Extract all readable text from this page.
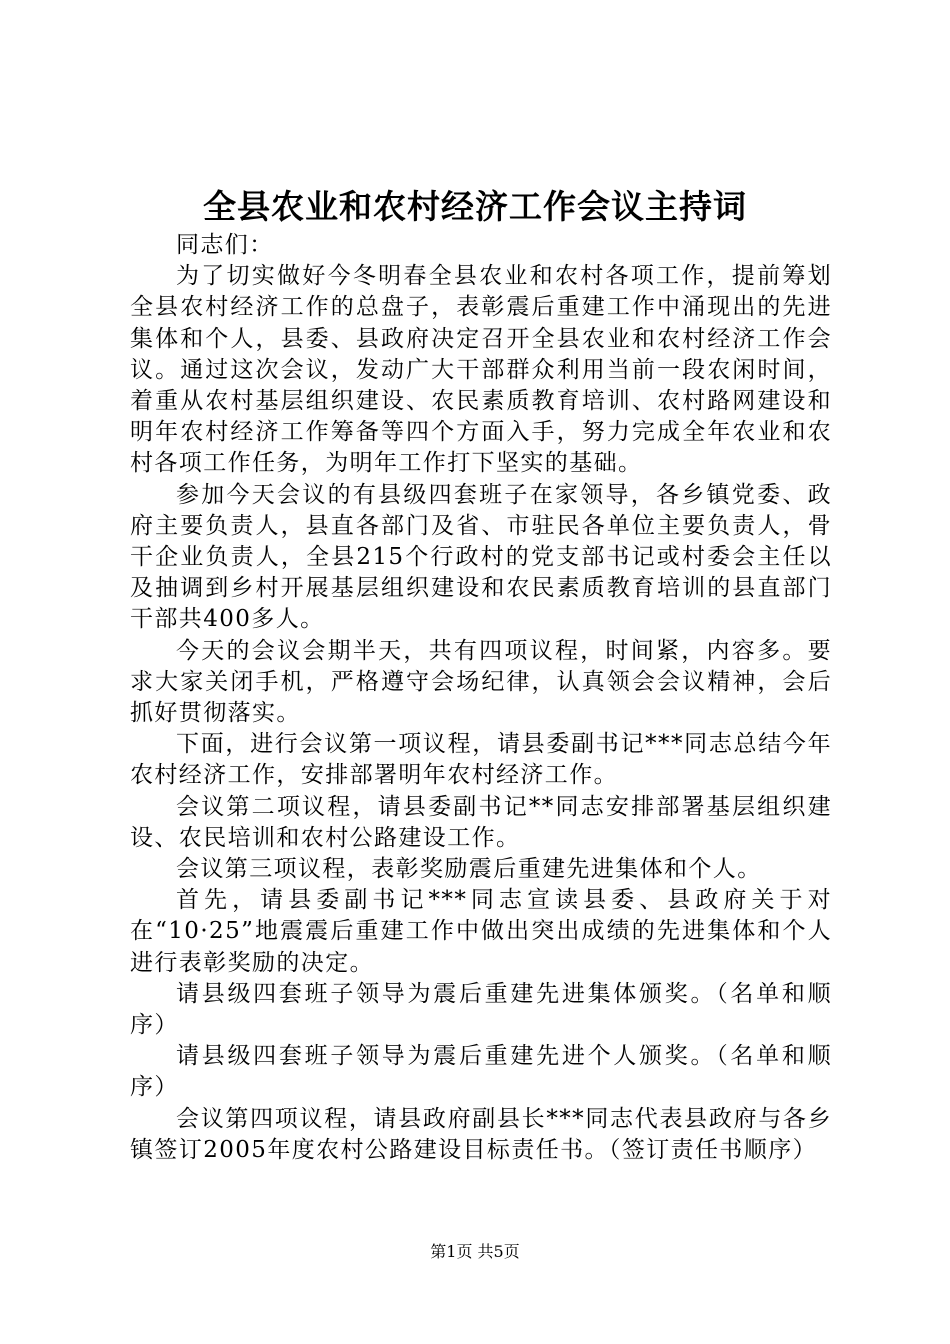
全县农业和农村经济工作会议主持词

同志们：

为了切实做好今冬明春全县农业和农村各项工作，提前筹划全县农村经济工作的总盘子，表彰震后重建工作中涌现出的先进集体和个人，县委、县政府决定召开全县农业和农村经济工作会议。通过这次会议，发动广大干部群众利用当前一段农闲时间，着重从农村基层组织建设、农民素质教育培训、农村路网建设和明年农村经济工作筹备等四个方面入手，努力完成全年农业和农村各项工作任务，为明年工作打下坚实的基础。

参加今天会议的有县级四套班子在家领导，各乡镇党委、政府主要负责人，县直各部门及省、市驻民各单位主要负责人，骨干企业负责人，全县215个行政村的党支部书记或村委会主任以及抽调到乡村开展基层组织建设和农民素质教育培训的县直部门干部共400多人。

今天的会议会期半天，共有四项议程，时间紧，内容多。要求大家关闭手机，严格遵守会场纪律，认真领会会议精神，会后抓好贯彻落实。

下面，进行会议第一项议程，请县委副书记***同志总结今年农村经济工作，安排部署明年农村经济工作。

会议第二项议程，请县委副书记**同志安排部署基层组织建设、农民培训和农村公路建设工作。

会议第三项议程，表彰奖励震后重建先进集体和个人。

首先，请县委副书记***同志宣读县委、县政府关于对在“10·25”地震震后重建工作中做出突出成绩的先进集体和个人进行表彰奖励的决定。

请县级四套班子领导为震后重建先进集体颁奖。（名单和顺序）

请县级四套班子领导为震后重建先进个人颁奖。（名单和顺序）

会议第四项议程，请县政府副县长***同志代表县政府与各乡镇签订2005年度农村公路建设目标责任书。（签订责任书顺序）

第1页 共5页
